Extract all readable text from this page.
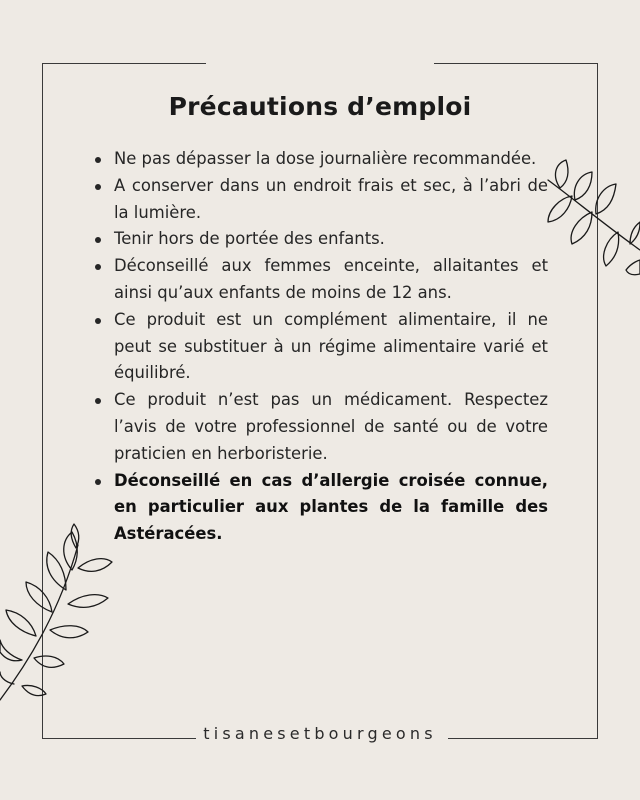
Précautions d’emploi
Ne pas dépasser la dose journalière recommandée.
A conserver dans un endroit frais et sec, à l’abri de la lumière.
Tenir hors de portée des enfants.
Déconseillé aux femmes enceinte, allaitantes et ainsi qu’aux enfants de moins de 12 ans.
Ce produit est un complément alimentaire, il ne peut se substituer à un régime alimentaire varié et équilibré.
Ce produit n’est pas un médicament. Respectez l’avis de votre professionnel de santé ou de votre praticien en herboristerie.
Déconseillé en cas d’allergie croisée connue, en particulier aux plantes de la famille des Astéracées.
tisanesetbourgeons
